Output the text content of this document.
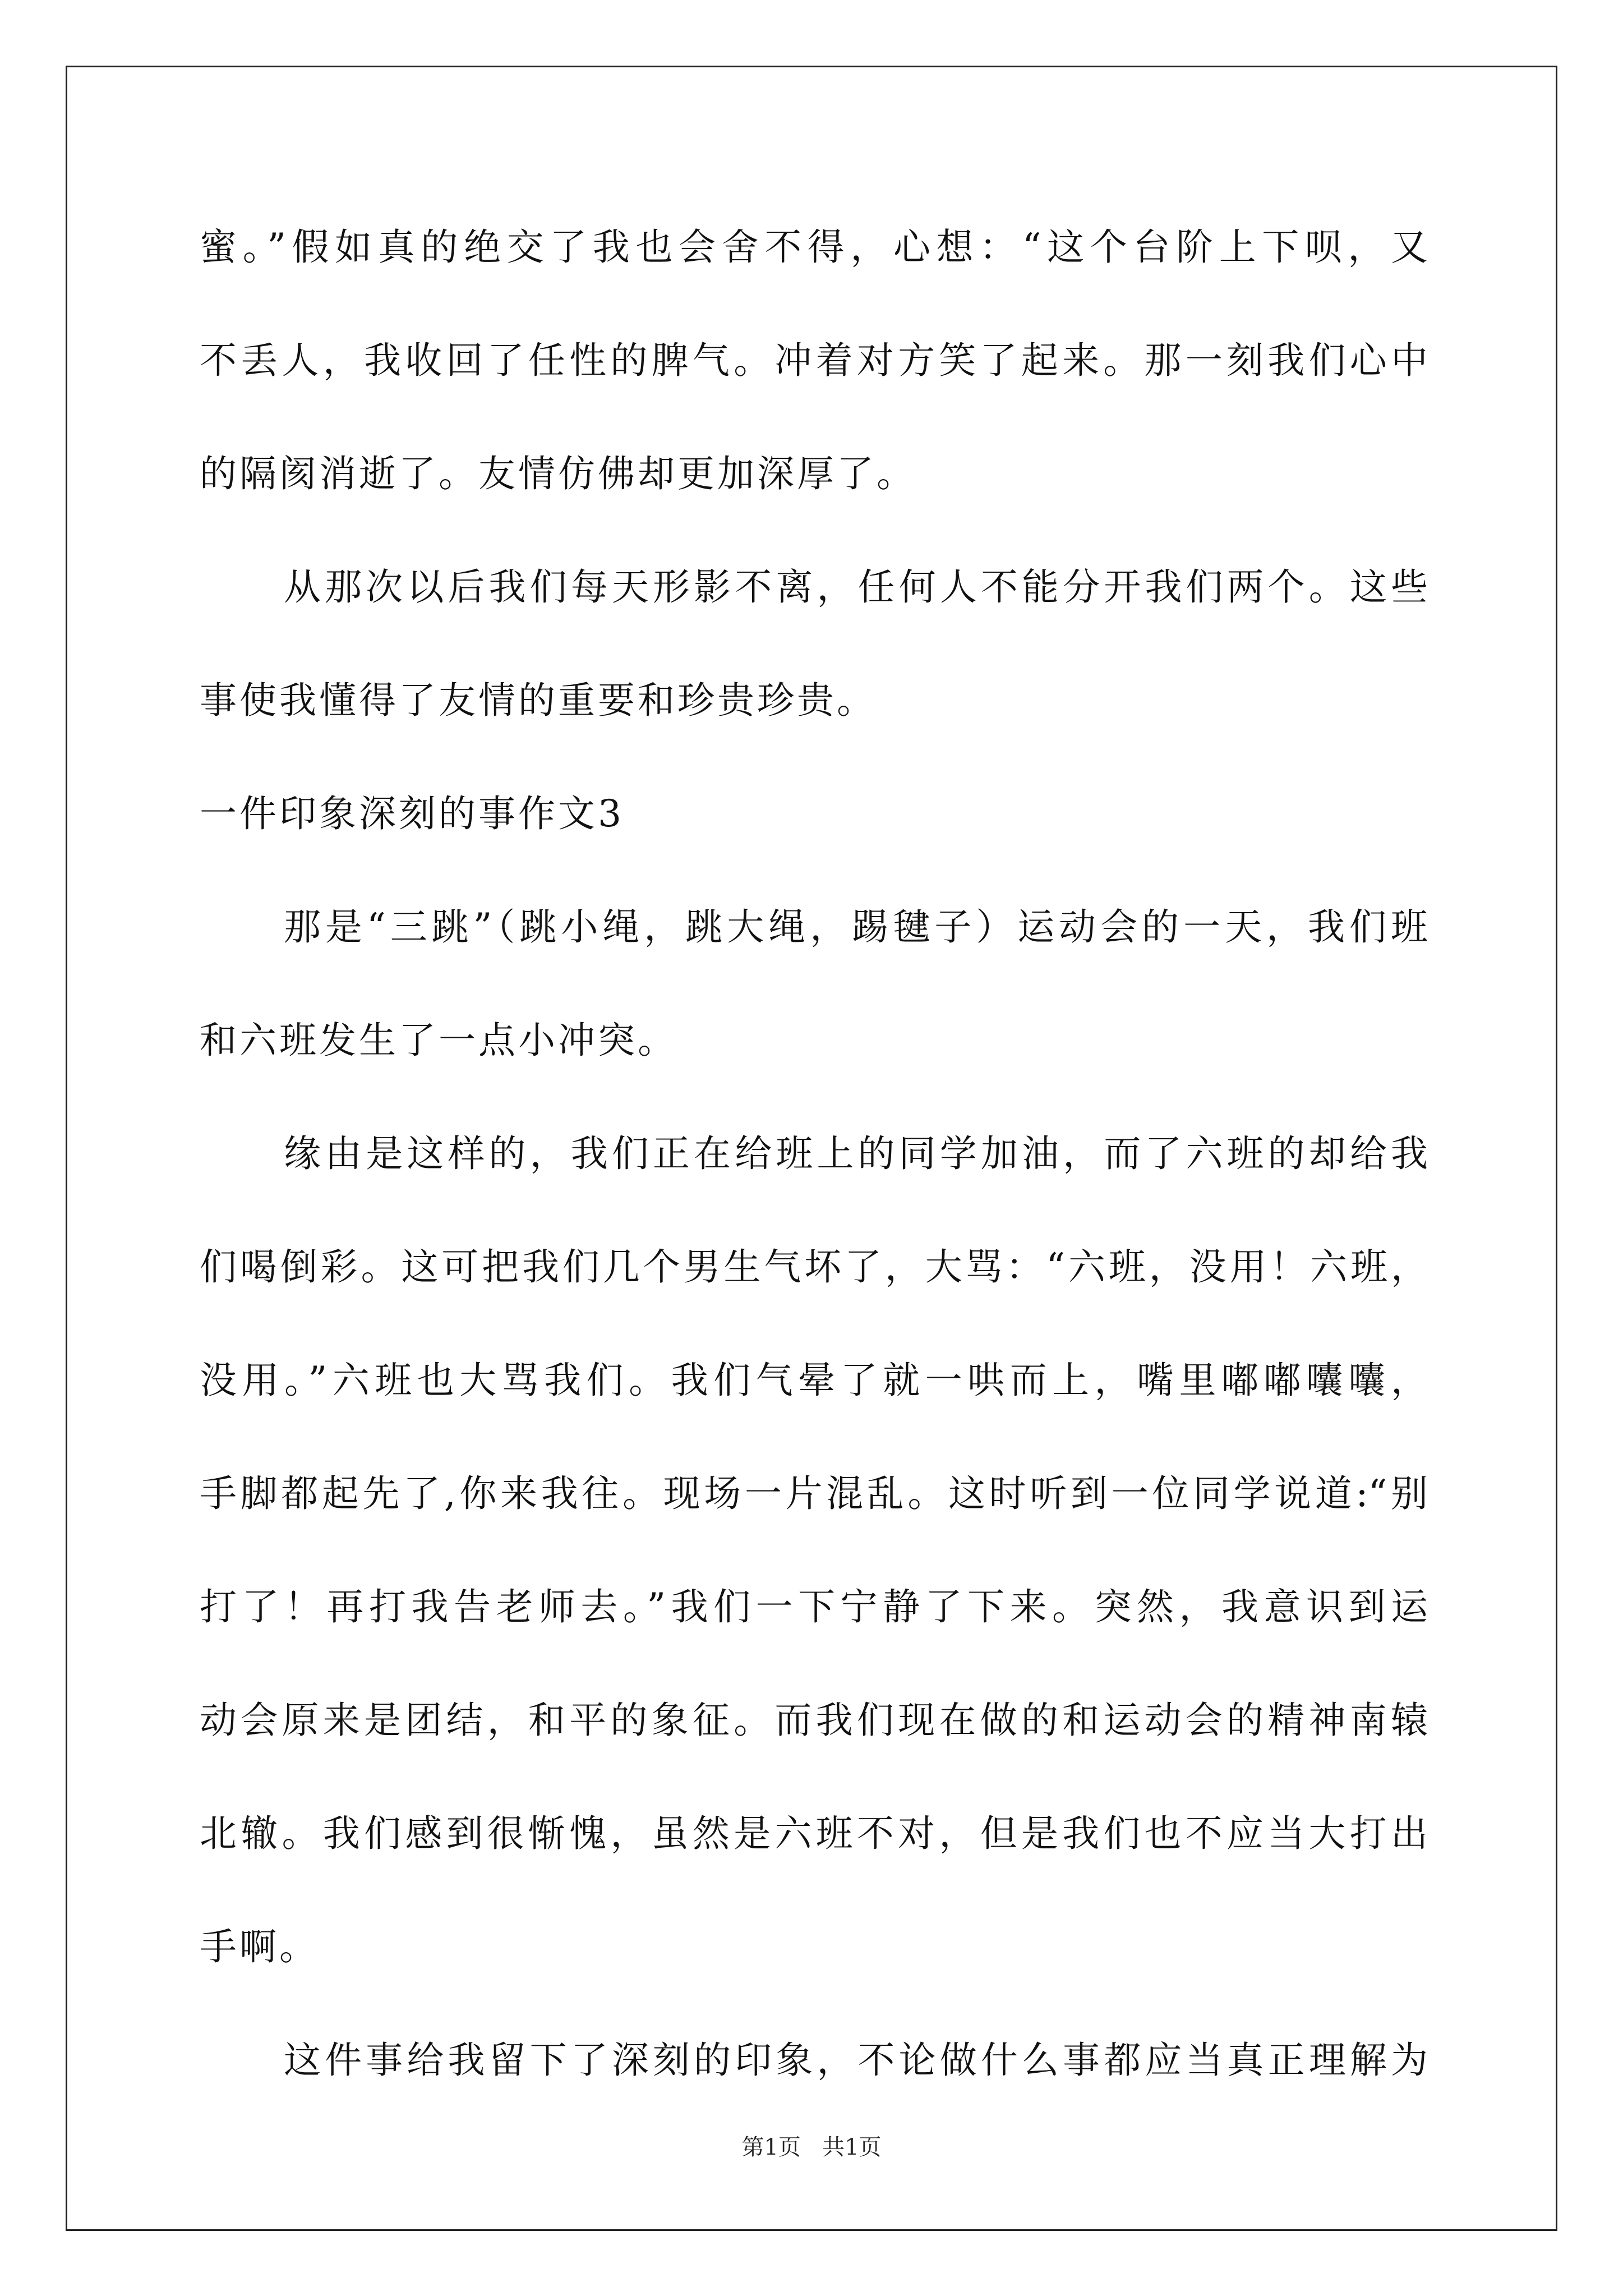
蜜。”假如真的绝交了我也会舍不得，心想：“这个台阶上下呗，又
不丢人，我收回了任性的脾气。冲着对方笑了起来。那一刻我们心中
的隔阂消逝了。友情仿佛却更加深厚了。
从那次以后我们每天形影不离，任何人不能分开我们两个。这些
事使我懂得了友情的重要和珍贵珍贵。
一件印象深刻的事作文3
那是“三跳”（跳小绳，跳大绳，踢毽子）运动会的一天，我们班
和六班发生了一点小冲突。
缘由是这样的，我们正在给班上的同学加油，而了六班的却给我
们喝倒彩。这可把我们几个男生气坏了，大骂：“六班，没用！六班，
没用。”六班也大骂我们。我们气晕了就一哄而上，嘴里嘟嘟囔囔，
手脚都起先了,你来我往。现场一片混乱。这时听到一位同学说道:“别
打了！再打我告老师去。”我们一下宁静了下来。突然，我意识到运
动会原来是团结，和平的象征。而我们现在做的和运动会的精神南辕
北辙。我们感到很惭愧，虽然是六班不对，但是我们也不应当大打出
手啊。
这件事给我留下了深刻的印象，不论做什么事都应当真正理解为
第1页 共1页
